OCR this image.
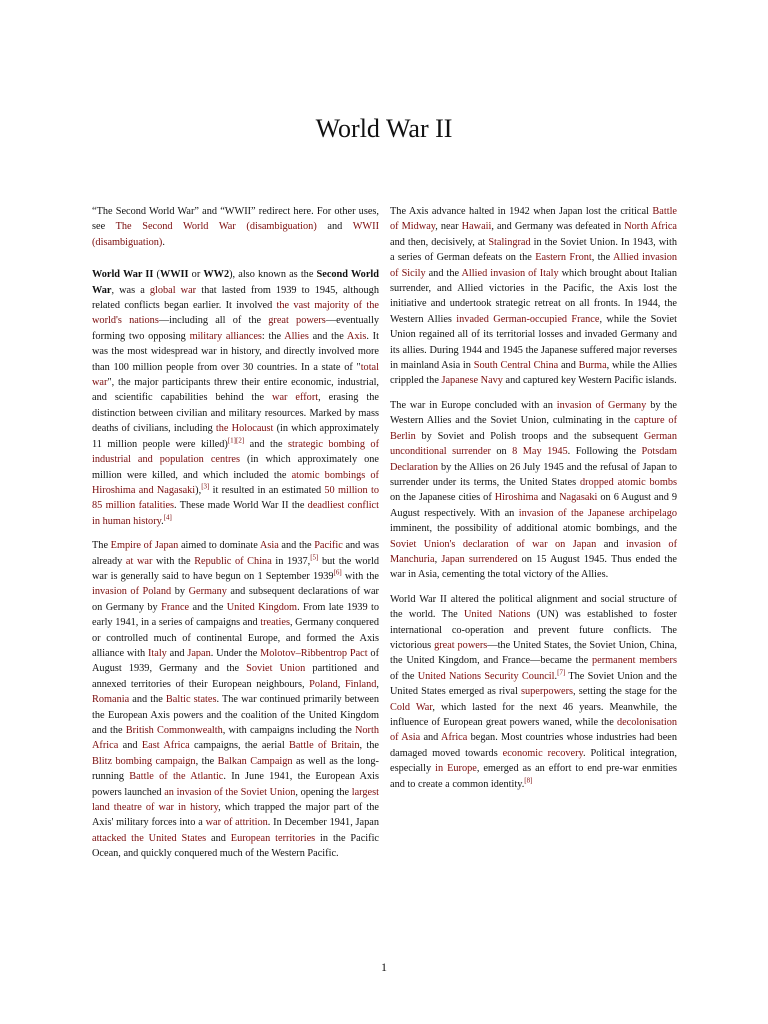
World War II

“The Second World War” and “WWII” redirect here. For other uses, see The Second World War (disambiguation) and WWII (disambiguation).

World War II (WWII or WW2), also known as the Second World War, was a global war that lasted from 1939 to 1945, although related conflicts began earlier. It involved the vast majority of the world's nations—including all of the great powers—eventually forming two opposing military alliances: the Allies and the Axis. It was the most widespread war in history, and directly involved more than 100 million people from over 30 countries. In a state of "total war", the major participants threw their entire economic, industrial, and scientific capabilities behind the war effort, erasing the distinction between civilian and military resources. Marked by mass deaths of civilians, including the Holocaust (in which approximately 11 million people were killed)[1][2] and the strategic bombing of industrial and population centres (in which approximately one million were killed, and which included the atomic bombings of Hiroshima and Nagasaki),[3] it resulted in an estimated 50 million to 85 million fatalities. These made World War II the deadliest conflict in human history.[4]

The Empire of Japan aimed to dominate Asia and the Pacific and was already at war with the Republic of China in 1937,[5] but the world war is generally said to have begun on 1 September 1939[6] with the invasion of Poland by Germany and subsequent declarations of war on Germany by France and the United Kingdom. From late 1939 to early 1941, in a series of campaigns and treaties, Germany conquered or controlled much of continental Europe, and formed the Axis alliance with Italy and Japan. Under the Molotov–Ribbentrop Pact of August 1939, Germany and the Soviet Union partitioned and annexed territories of their European neighbours, Poland, Finland, Romania and the Baltic states. The war continued primarily between the European Axis powers and the coalition of the United Kingdom and the British Commonwealth, with campaigns including the North Africa and East Africa campaigns, the aerial Battle of Britain, the Blitz bombing campaign, the Balkan Campaign as well as the long-running Battle of the Atlantic. In June 1941, the European Axis powers launched an invasion of the Soviet Union, opening the largest land theatre of war in history, which trapped the major part of the Axis' military forces into a war of attrition. In December 1941, Japan attacked the United States and European territories in the Pacific Ocean, and quickly conquered much of the Western Pacific.

The Axis advance halted in 1942 when Japan lost the critical Battle of Midway, near Hawaii, and Germany was defeated in North Africa and then, decisively, at Stalingrad in the Soviet Union. In 1943, with a series of German defeats on the Eastern Front, the Allied invasion of Sicily and the Allied invasion of Italy which brought about Italian surrender, and Allied victories in the Pacific, the Axis lost the initiative and undertook strategic retreat on all fronts. In 1944, the Western Allies invaded German-occupied France, while the Soviet Union regained all of its territorial losses and invaded Germany and its allies. During 1944 and 1945 the Japanese suffered major reverses in mainland Asia in South Central China and Burma, while the Allies crippled the Japanese Navy and captured key Western Pacific islands.

The war in Europe concluded with an invasion of Germany by the Western Allies and the Soviet Union, culminating in the capture of Berlin by Soviet and Polish troops and the subsequent German unconditional surrender on 8 May 1945. Following the Potsdam Declaration by the Allies on 26 July 1945 and the refusal of Japan to surrender under its terms, the United States dropped atomic bombs on the Japanese cities of Hiroshima and Nagasaki on 6 August and 9 August respectively. With an invasion of the Japanese archipelago imminent, the possibility of additional atomic bombings, and the Soviet Union's declaration of war on Japan and invasion of Manchuria, Japan surrendered on 15 August 1945. Thus ended the war in Asia, cementing the total victory of the Allies.

World War II altered the political alignment and social structure of the world. The United Nations (UN) was established to foster international co-operation and prevent future conflicts. The victorious great powers—the United States, the Soviet Union, China, the United Kingdom, and France—became the permanent members of the United Nations Security Council.[7] The Soviet Union and the United States emerged as rival superpowers, setting the stage for the Cold War, which lasted for the next 46 years. Meanwhile, the influence of European great powers waned, while the decolonisation of Asia and Africa began. Most countries whose industries had been damaged moved towards economic recovery. Political integration, especially in Europe, emerged as an effort to end pre-war enmities and to create a common identity.[8]

1
